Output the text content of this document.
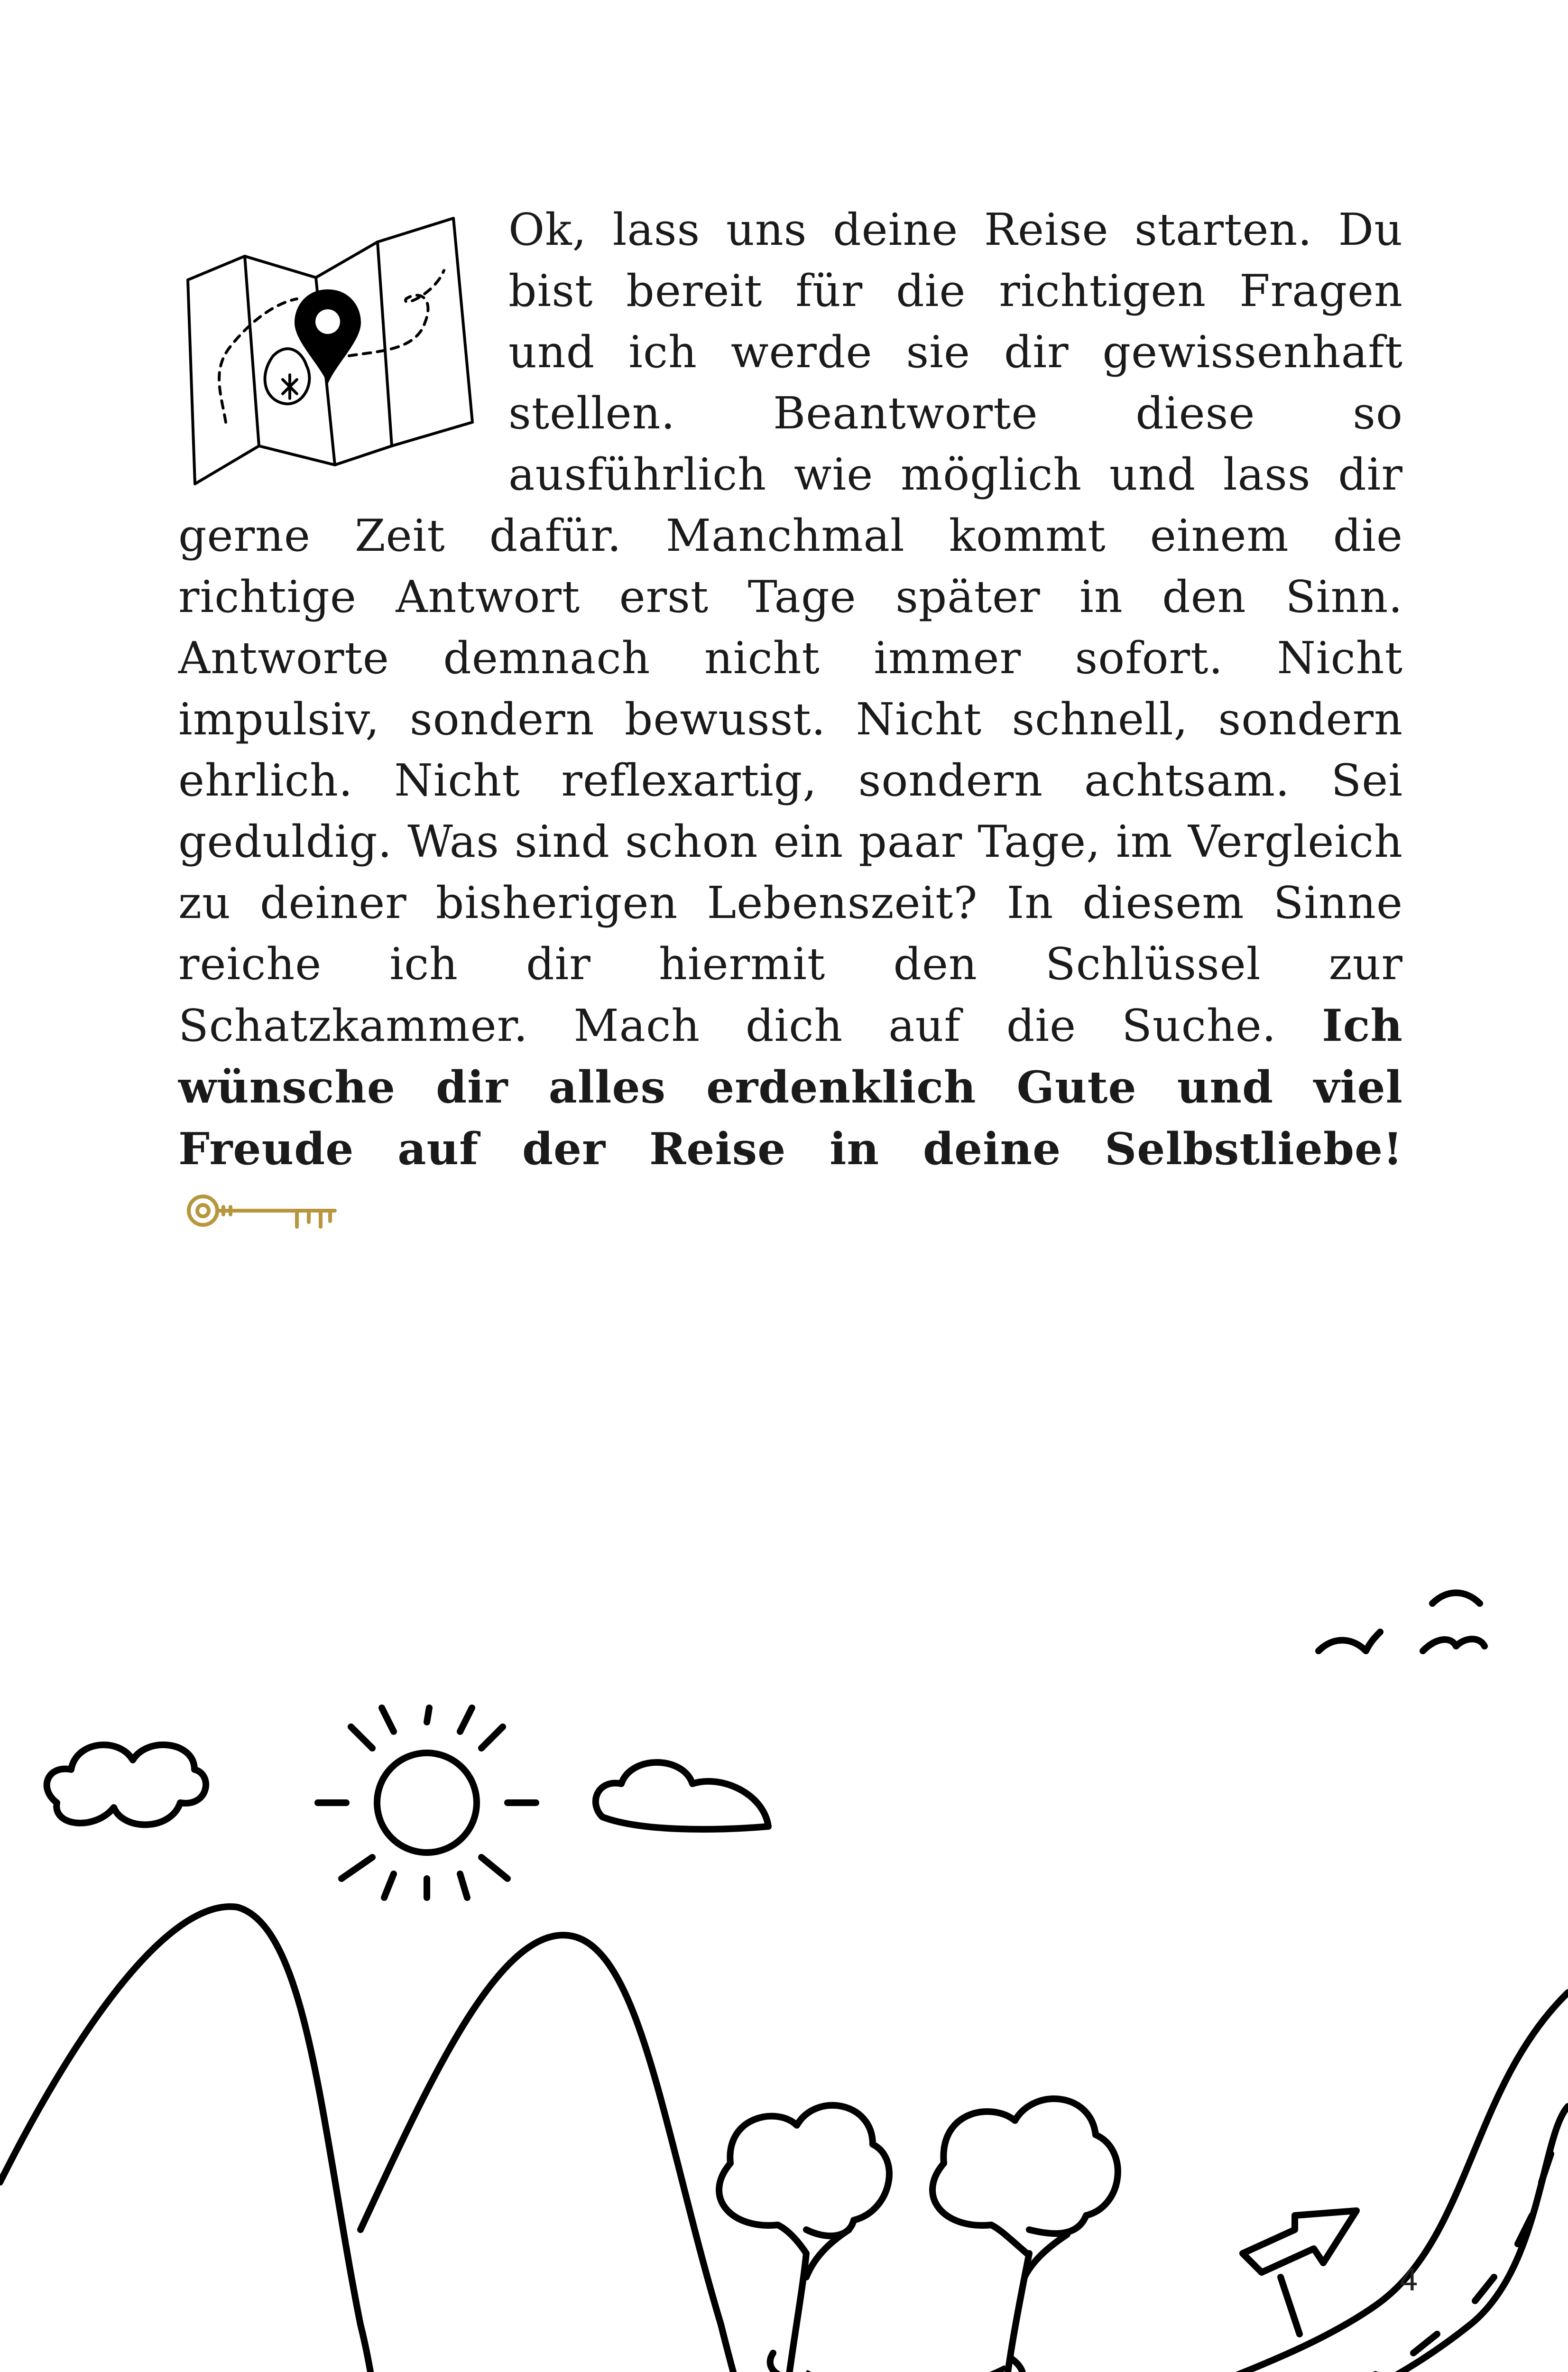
Ok, lass uns deine Reise starten. Du bist bereit für die richtigen Fragen und ich werde sie dir gewissenhaft stellen. Beantworte diese so ausführlich wie möglich und lass dir gerne Zeit dafür. Manchmal kommt einem die richtige Antwort erst Tage später in den Sinn. Antworte demnach nicht immer sofort. Nicht impulsiv, sondern bewusst. Nicht schnell, sondern ehrlich. Nicht reflexartig, sondern achtsam. Sei geduldig. Was sind schon ein paar Tage, im Vergleich zu deiner bisherigen Lebenszeit? In diesem Sinne reiche ich dir hiermit den Schlüssel zur Schatzkammer. Mach dich auf die Suche. Ich wünsche dir alles erdenklich Gute und viel Freude auf der Reise in deine Selbstliebe!
4
